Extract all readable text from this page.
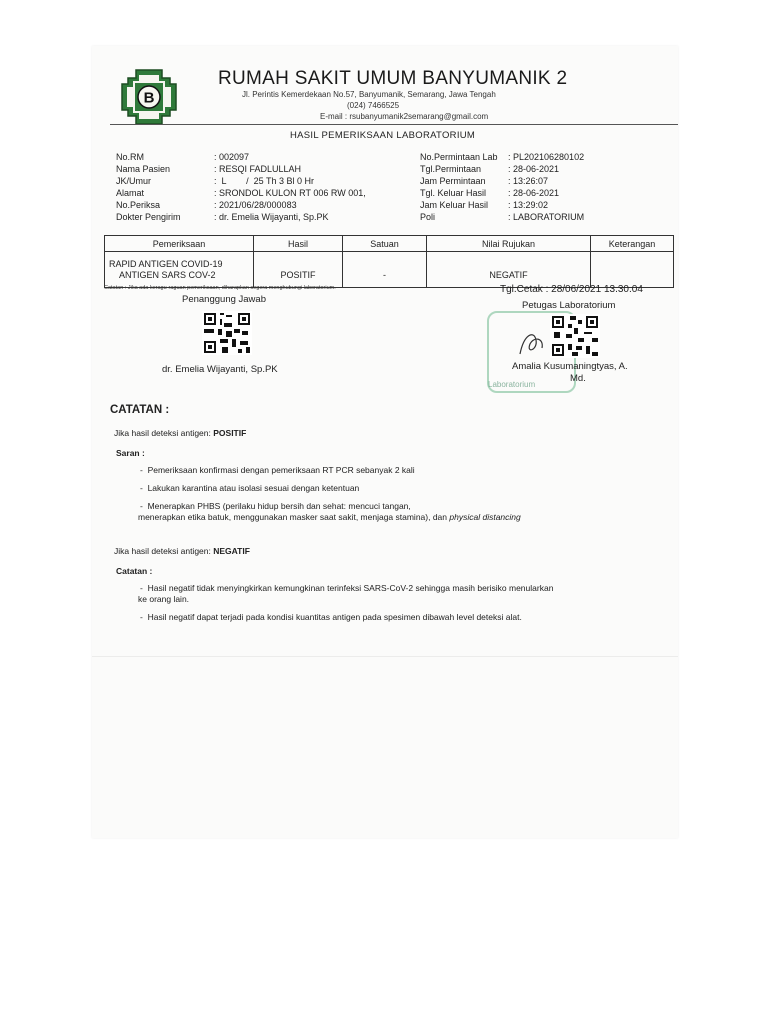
B
RUMAH SAKIT UMUM BANYUMANIK 2
Jl. Perintis Kemerdekaan No.57, Banyumanik, Semarang, Jawa Tengah
(024) 7466525
E-mail : rsubanyumanik2semarang@gmail.com
HASIL PEMERIKSAAN LABORATORIUM
No.RM	: 002097
Nama Pasien	: RESQI FADLULLAH
JK/Umur	:  L        /  25 Th 3 Bl 0 Hr
Alamat	: SRONDOL KULON RT 006 RW 001,
No.Periksa	: 2021/06/28/000083
Dokter Pengirim	: dr. Emelia Wijayanti, Sp.PK
No.Permintaan Lab : PL202106280102
Tgl.Permintaan	: 28-06-2021
Jam Permintaan : 13:26:07
Tgl. Keluar Hasil : 28-06-2021
Jam Keluar Hasil : 13:29:02
Poli	: LABORATORIUM
Pemeriksaan	Hasil	Satuan	Nilai Rujukan	Keterangan

RAPID ANTIGEN COVID-19
ANTIGEN SARS COV-2	POSITIF	-	NEGATIF	
Catatan : Jika ada keragu-raguan pemeriksaan, diharapkan segera menghubungi laboratorium.	Tgl.Cetak : 28/06/2021 13.30.04
Penanggung Jawab
dr. Emelia Wijayanti, Sp.PK
Laboratorium
Petugas Laboratorium
Amalia Kusumaningtyas, A.
Md.
CATATAN :
Jika hasil deteksi antigen: POSITIF
Saran :
- Pemeriksaan konfirmasi dengan pemeriksaan RT PCR sebanyak 2 kali
- Lakukan karantina atau isolasi sesuai dengan ketentuan
- Menerapkan PHBS (perilaku hidup bersih dan sehat: mencuci tangan,
menerapkan etika batuk, menggunakan masker saat sakit, menjaga stamina), dan physical distancing
Jika hasil deteksi antigen: NEGATIF
Catatan :
- Hasil negatif tidak menyingkirkan kemungkinan terinfeksi SARS-CoV-2 sehingga masih berisiko menularkan
ke orang lain.
- Hasil negatif dapat terjadi pada kondisi kuantitas antigen pada spesimen dibawah level deteksi alat.
